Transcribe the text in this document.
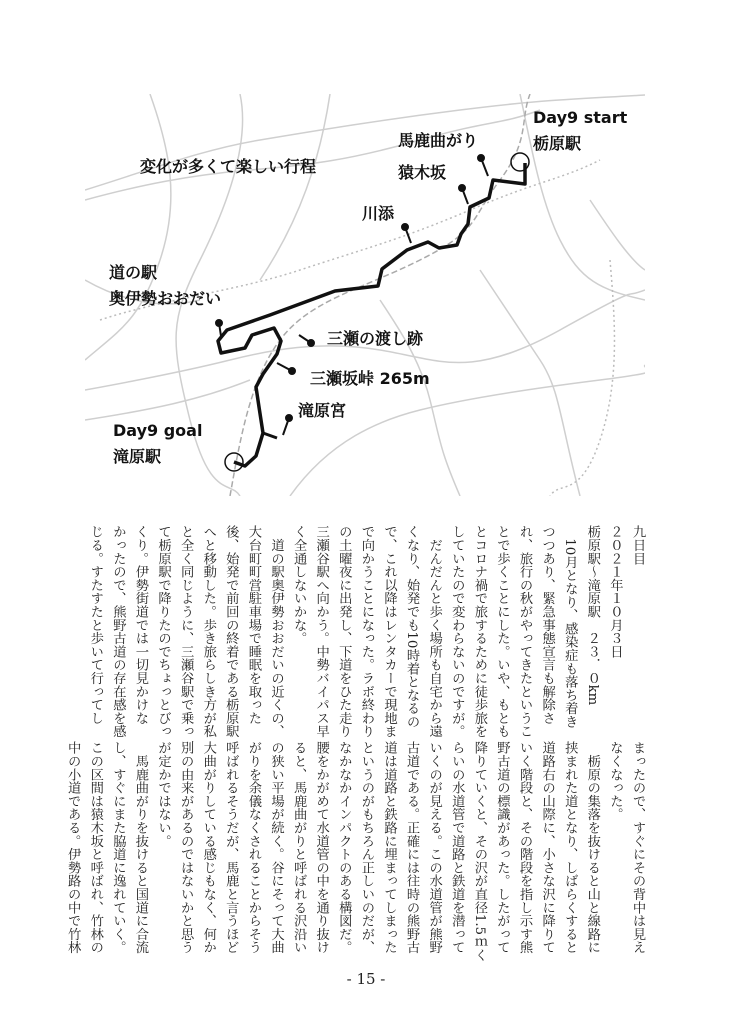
Day9 start
栃原駅
馬鹿曲がり
猿木坂
変化が多くて楽しい行程
川添
道の駅
奥伊勢おおだい
三瀬の渡し跡
三瀬坂峠 265m
滝原宮
Day9 goal
滝原駅
九日目
２０２１年１０月３日
栃原駅～滝原駅　２３．０km
　10月となり、感染症も落ち着き
つつあり、緊急事態宣言も解除さ
れ、旅行の秋がやってきたというこ
とで歩くことにした。いや、もとも
とコロナ禍で旅するために徒歩旅を
していたので変わらないのですが。
　だんだんと歩く場所も自宅から遠
くなり、始発でも10時着となるの
で、これ以降はレンタカーで現地ま
で向かうことになった。ラボ終わり
の土曜夜に出発し、下道をひた走り
三瀬谷駅へ向かう。中勢バイパス早
く全通しないかな。
　道の駅奥伊勢おおだいの近くの、
大台町町営駐車場で睡眠を取った
後、始発で前回の終着である栃原駅
へと移動した。歩き旅らしき方が私
と全く同じように、三瀬谷駅で乗っ
て栃原駅で降りたのでちょっとびっ
くり。伊勢街道では一切見かけな
かったので、熊野古道の存在感を感
じる。すたすたと歩いて行ってし
まったので、すぐにその背中は見え
なくなった。
　栃原の集落を抜けると山と線路に
挟まれた道となり、しばらくすると
道路右の山際に、小さな沢に降りて
いく階段と、その階段を指し示す熊
野古道の標識があった。したがって
降りていくと、その沢が直径1.5ｍく
らいの水道管で道路と鉄道を潜って
いくのが見える。この水道管が熊野
古道である。正確には往時の熊野古
道は道路と鉄路に埋まってしまった
というのがもちろん正しいのだが、
なかなかインパクトのある構図だ。
腰をかがめて水道管の中を通り抜け
ると、馬鹿曲がりと呼ばれる沢沿い
の狭い平場が続く。谷にそって大曲
がりを余儀なくされることからそう
呼ばれるそうだが、馬鹿と言うほど
大曲がりしている感じもなく、何か
別の由来があるのではないかと思う
が定かではない。
　馬鹿曲がりを抜けると国道に合流
し、すぐにまた脇道に逸れていく。
この区間は猿木坂と呼ばれ、竹林の
中の小道である。伊勢路の中で竹林
- 15 -
